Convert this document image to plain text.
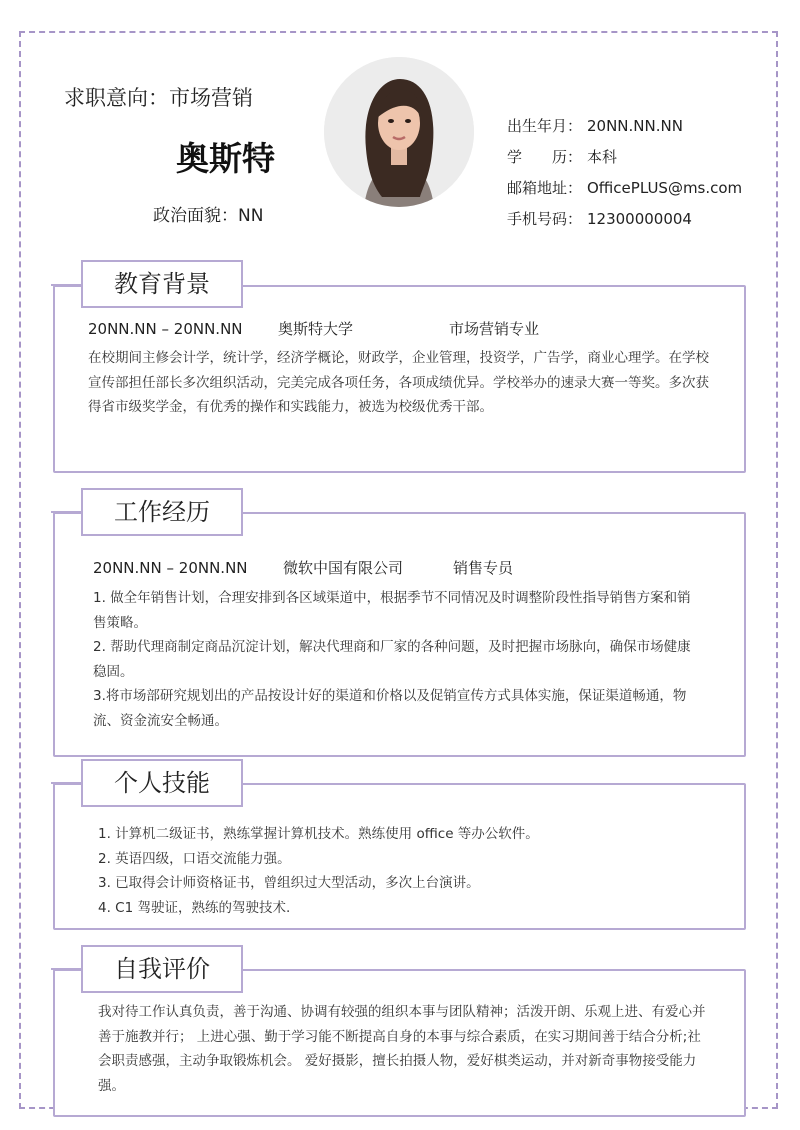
求职意向：市场营销
奥斯特
政治面貌：NN
出生年月： 20NN.NN.NN
学　　历： 本科
邮箱地址： OfficePLUS@ms.com
手机号码： 12300000004
教育背景
20NN.NN – 20NN.NN 奥斯特大学	市场营销专业
在校期间主修会计学，统计学，经济学概论，财政学，企业管理，投资学，广告学，商业心理学。在学校宣传部担任部长多次组织活动，完美完成各项任务，各项成绩优异。学校举办的速录大赛一等奖。多次获得省市级奖学金，有优秀的操作和实践能力，被选为校级优秀干部。
工作经历
20NN.NN – 20NN.NN 微软中国有限公司	销售专员
1. 做全年销售计划，合理安排到各区域渠道中，根据季节不同情况及时调整阶段性指导销售方案和销售策略。
2. 帮助代理商制定商品沉淀计划，解决代理商和厂家的各种问题，及时把握市场脉向，确保市场健康稳固。
3.将市场部研究规划出的产品按设计好的渠道和价格以及促销宣传方式具体实施，保证渠道畅通，物流、资金流安全畅通。
个人技能
1. 计算机二级证书，熟练掌握计算机技术。熟练使用 office 等办公软件。
2. 英语四级，口语交流能力强。
3. 已取得会计师资格证书，曾组织过大型活动，多次上台演讲。
4. C1 驾驶证，熟练的驾驶技术.
自我评价
我对待工作认真负责，善于沟通、协调有较强的组织本事与团队精神；活泼开朗、乐观上进、有爱心并善于施教并行； 上进心强、勤于学习能不断提高自身的本事与综合素质，在实习期间善于结合分析;社会职责感强，主动争取锻炼机会。 爱好摄影，擅长拍摄人物，爱好棋类运动，并对新奇事物接受能力强。
